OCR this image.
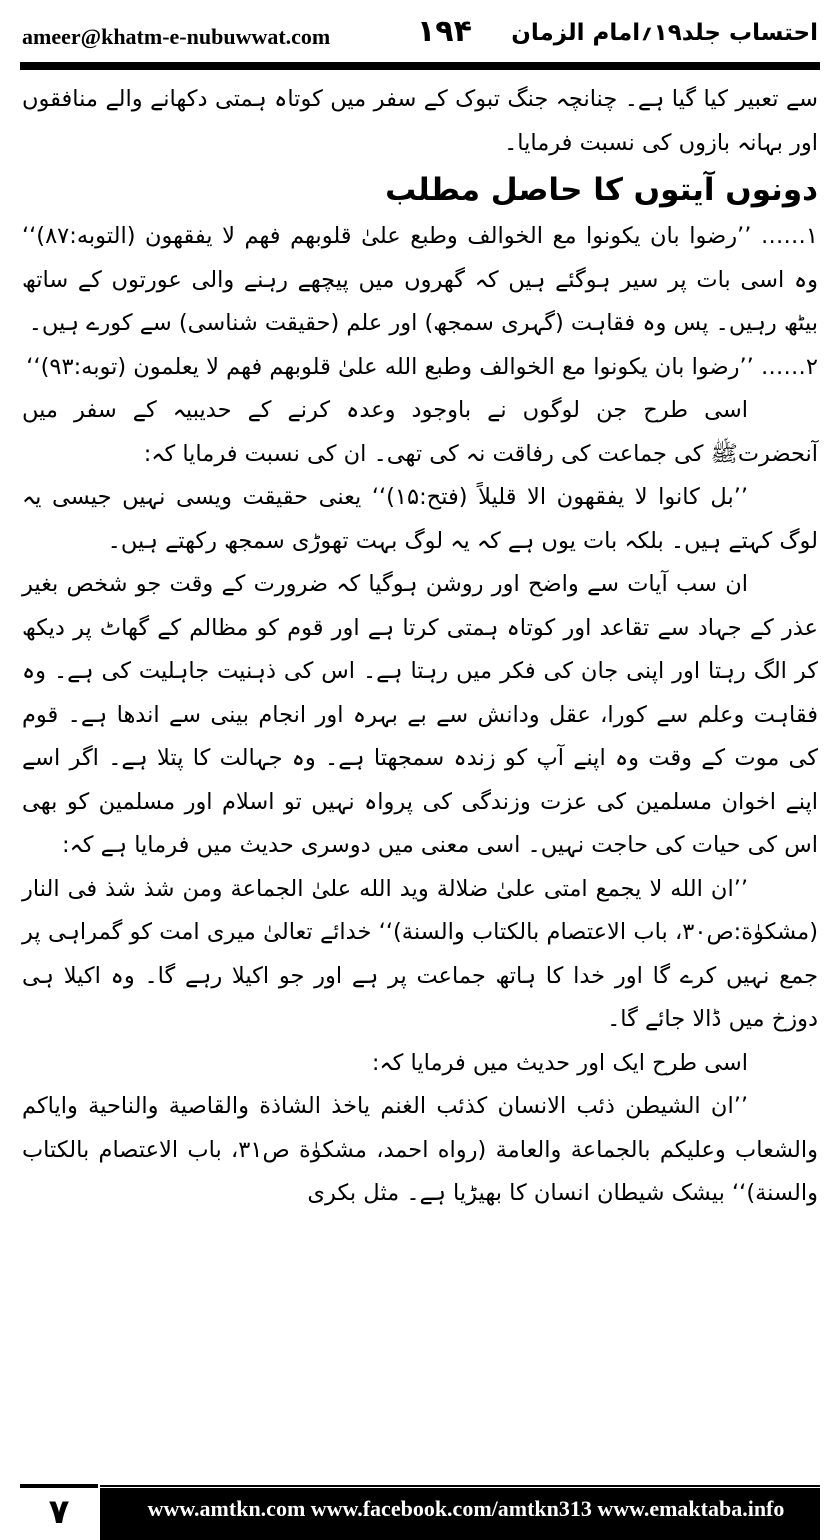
ameer@khatm-e-nubuwwat.com	۱۹۴ احتساب جلد۱۹؍امام الزمان

سے تعبیر کیا گیا ہے۔ چنانچہ جنگ تبوک کے سفر میں کوتاہ ہمتی دکھانے والے منافقوں اور بہانہ بازوں کی نسبت فرمایا۔

دونوں آیتوں کا حاصل مطلب

۱…… ’’رضوا بان یکونوا مع الخوالف وطبع علیٰ قلوبهم فهم لا یفقهون (التوبه:۸۷)‘‘ وہ اسی بات پر سیر ہوگئے ہیں کہ گھروں میں پیچھے رہنے والی عورتوں کے ساتھ بیٹھ رہیں۔ پس وہ فقاہت (گہری سمجھ) اور علم (حقیقت شناسی) سے کورے ہیں۔

۲…… ’’رضوا بان یکونوا مع الخوالف وطبع الله علیٰ قلوبهم فهم لا یعلمون (توبه:۹۳)‘‘

اسی طرح جن لوگوں نے باوجود وعدہ کرنے کے حدیبیہ کے سفر میں آنحضرتﷺ کی جماعت کی رفاقت نہ کی تھی۔ ان کی نسبت فرمایا کہ:

’’بل کانوا لا یفقهون الا قلیلاً (فتح:۱۵)‘‘ یعنی حقیقت ویسی نہیں جیسی یہ لوگ کہتے ہیں۔ بلکہ بات یوں ہے کہ یہ لوگ بہت تھوڑی سمجھ رکھتے ہیں۔

ان سب آیات سے واضح اور روشن ہوگیا کہ ضرورت کے وقت جو شخص بغیر عذر کے جہاد سے تقاعد اور کوتاہ ہمتی کرتا ہے اور قوم کو مظالم کے گھاٹ پر دیکھ کر الگ رہتا اور اپنی جان کی فکر میں رہتا ہے۔ اس کی ذہنیت جاہلیت کی ہے۔ وہ فقاہت وعلم سے کورا، عقل ودانش سے بے بہرہ اور انجام بینی سے اندھا ہے۔ قوم کی موت کے وقت وہ اپنے آپ کو زندہ سمجھتا ہے۔ وہ جہالت کا پتلا ہے۔ اگر اسے اپنے اخوان مسلمین کی عزت وزندگی کی پرواہ نہیں تو اسلام اور مسلمین کو بھی اس کی حیات کی حاجت نہیں۔ اسی معنی میں دوسری حدیث میں فرمایا ہے کہ:

’’ان الله لا یجمع امتی علیٰ ضلالة وید الله علیٰ الجماعة ومن شذ شذ فی النار (مشکوٰة:ص۳۰، باب الاعتصام بالکتاب والسنة)‘‘ خدائے تعالیٰ میری امت کو گمراہی پر جمع نہیں کرے گا اور خدا کا ہاتھ جماعت پر ہے اور جو اکیلا رہے گا۔ وہ اکیلا ہی دوزخ میں ڈالا جائے گا۔

اسی طرح ایک اور حدیث میں فرمایا کہ:

’’ان الشیطن ذئب الانسان کذئب الغنم یاخذ الشاذة والقاصیة والناحیة وایاکم والشعاب وعلیکم بالجماعة والعامة (رواه احمد، مشکوٰة ص۳۱، باب الاعتصام بالکتاب والسنة)‘‘ بیشک شیطان انسان کا بھیڑیا ہے۔ مثل بکری

۷	www.amtkn.com www.facebook.com/amtkn313 www.emaktaba.info
